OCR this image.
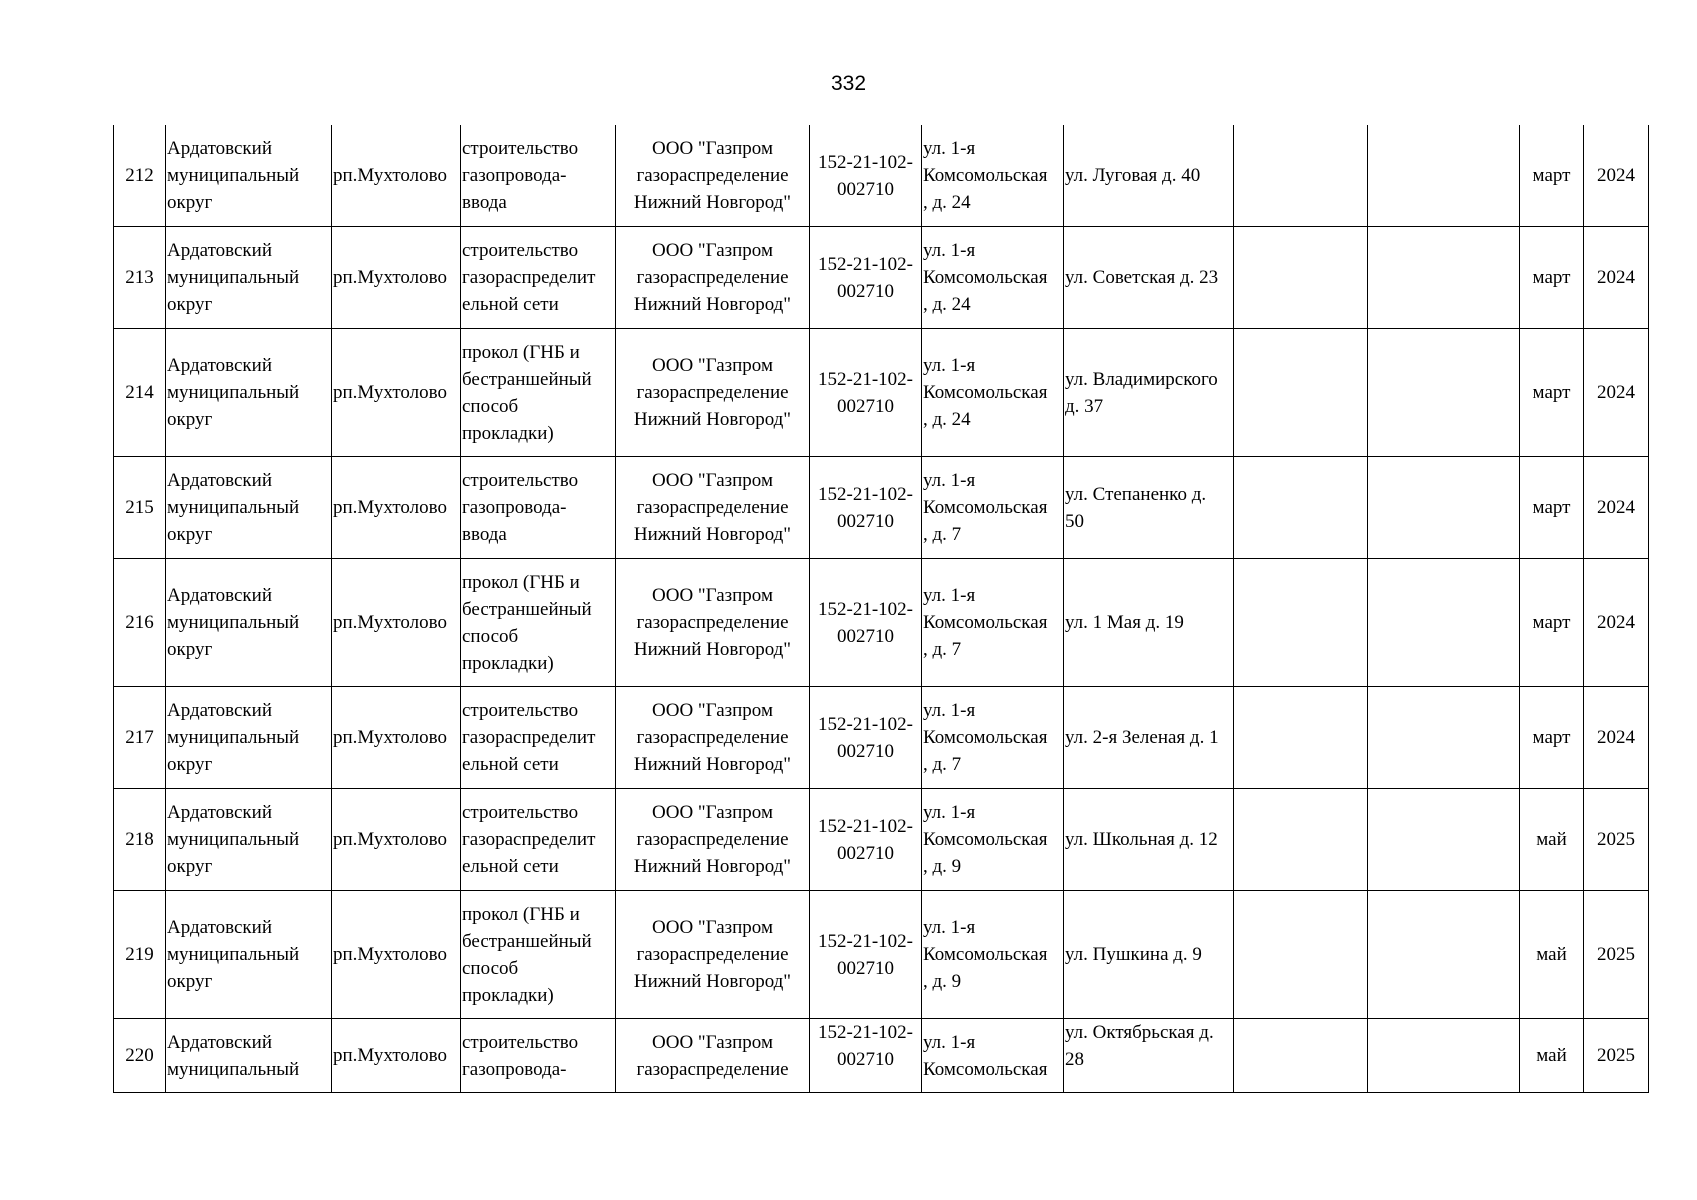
332
212	Ардатовский
муниципальный
округ	рп.Мухтолово	строительство
газопровода-
ввода	ООО "Газпром
газораспределение
Нижний Новгород"	152-21-102-
002710	ул. 1-я
Комсомольская
, д. 24	ул. Луговая д. 40			март	2024
213	Ардатовский
муниципальный
округ	рп.Мухтолово	строительство
газораспределит
ельной сети	ООО "Газпром
газораспределение
Нижний Новгород"	152-21-102-
002710	ул. 1-я
Комсомольская
, д. 24	ул. Советская д. 23			март	2024
214	Ардатовский
муниципальный
округ	рп.Мухтолово	прокол (ГНБ и
бестраншейный
способ
прокладки)	ООО "Газпром
газораспределение
Нижний Новгород"	152-21-102-
002710	ул. 1-я
Комсомольская
, д. 24	ул. Владимирского
д. 37			март	2024
215	Ардатовский
муниципальный
округ	рп.Мухтолово	строительство
газопровода-
ввода	ООО "Газпром
газораспределение
Нижний Новгород"	152-21-102-
002710	ул. 1-я
Комсомольская
, д. 7	ул. Степаненко д.
50			март	2024
216	Ардатовский
муниципальный
округ	рп.Мухтолово	прокол (ГНБ и
бестраншейный
способ
прокладки)	ООО "Газпром
газораспределение
Нижний Новгород"	152-21-102-
002710	ул. 1-я
Комсомольская
, д. 7	ул. 1 Мая д. 19			март	2024
217	Ардатовский
муниципальный
округ	рп.Мухтолово	строительство
газораспределит
ельной сети	ООО "Газпром
газораспределение
Нижний Новгород"	152-21-102-
002710	ул. 1-я
Комсомольская
, д. 7	ул. 2-я Зеленая д. 1			март	2024
218	Ардатовский
муниципальный
округ	рп.Мухтолово	строительство
газораспределит
ельной сети	ООО "Газпром
газораспределение
Нижний Новгород"	152-21-102-
002710	ул. 1-я
Комсомольская
, д. 9	ул. Школьная д. 12			май	2025
219	Ардатовский
муниципальный
округ	рп.Мухтолово	прокол (ГНБ и
бестраншейный
способ
прокладки)	ООО "Газпром
газораспределение
Нижний Новгород"	152-21-102-
002710	ул. 1-я
Комсомольская
, д. 9	ул. Пушкина д. 9			май	2025
220	Ардатовский
муниципальный	рп.Мухтолово	строительство
газопровода-	ООО "Газпром
газораспределение	152-21-102-
002710	ул. 1-я
Комсомольская	ул. Октябрьская д.
28			май	2025
